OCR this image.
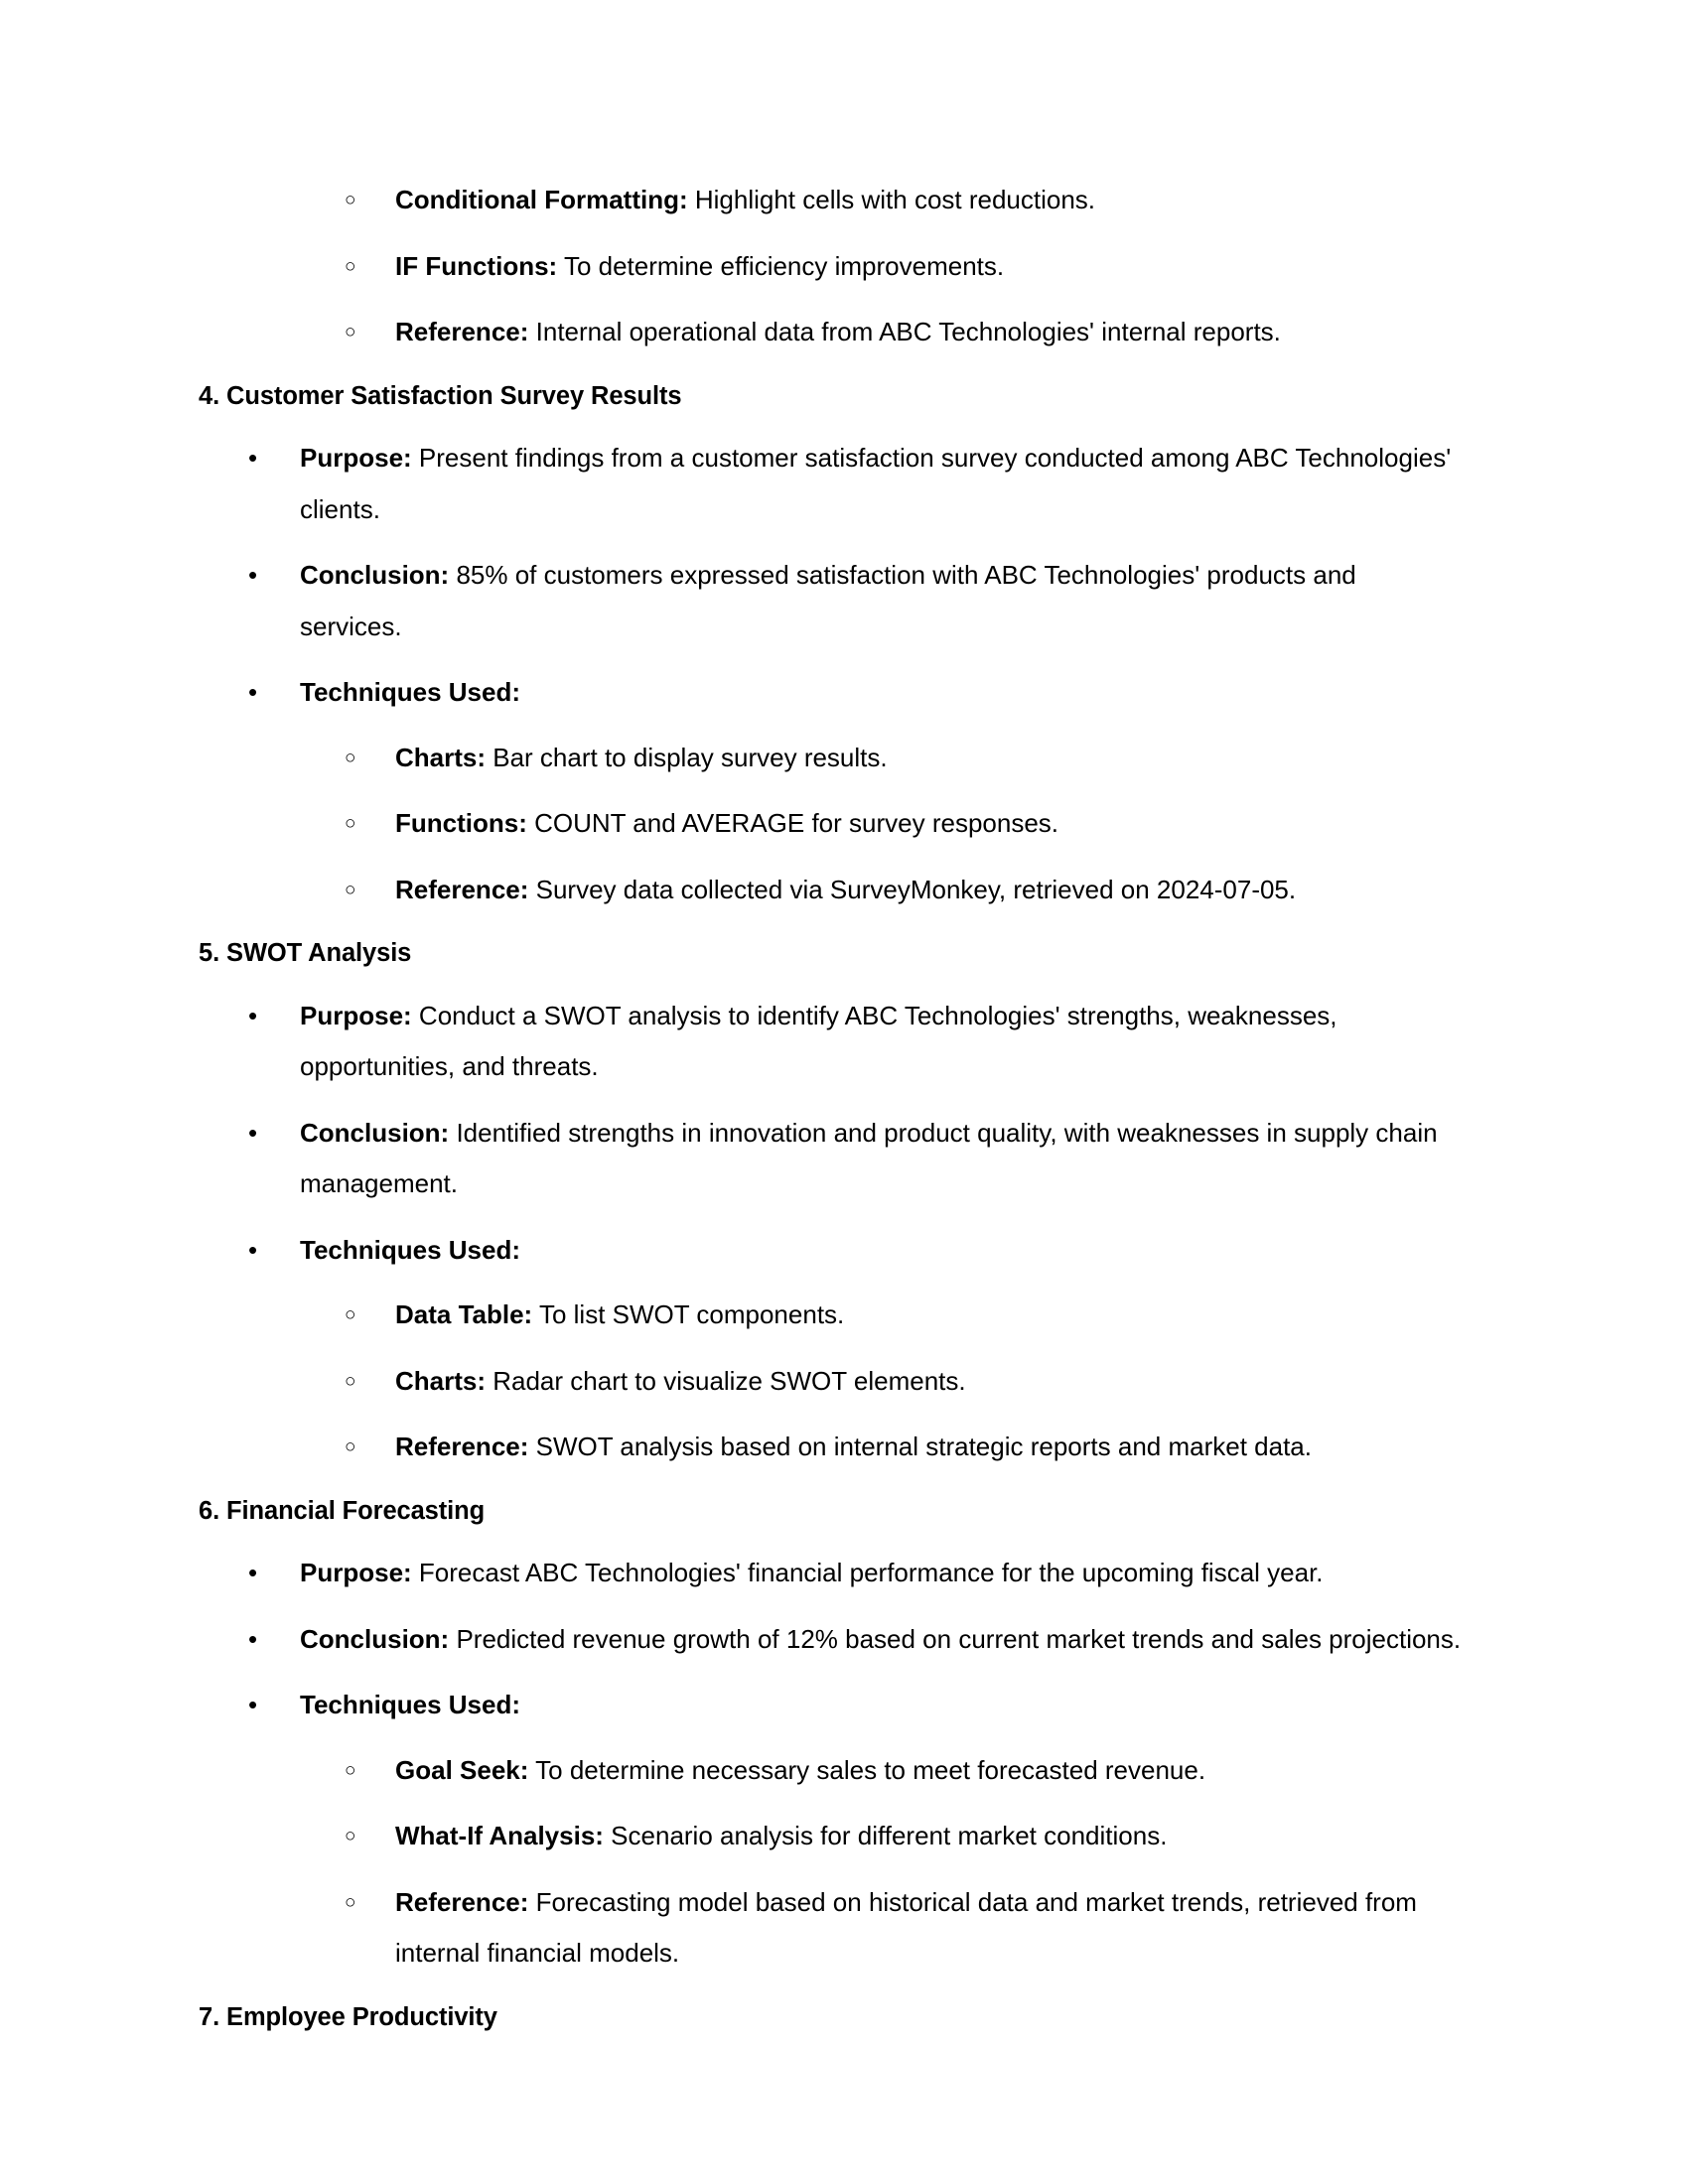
○	Conditional Formatting: Highlight cells with cost reductions.
○	IF Functions: To determine efficiency improvements.
○	Reference: Internal operational data from ABC Technologies' internal reports.
4. Customer Satisfaction Survey Results
•	Purpose: Present findings from a customer satisfaction survey conducted among ABC Technologies' clients.
•	Conclusion: 85% of customers expressed satisfaction with ABC Technologies' products and services.
•	Techniques Used:
○	Charts: Bar chart to display survey results.
○	Functions: COUNT and AVERAGE for survey responses.
○	Reference: Survey data collected via SurveyMonkey, retrieved on 2024-07-05.
5. SWOT Analysis
•	Purpose: Conduct a SWOT analysis to identify ABC Technologies' strengths, weaknesses, opportunities, and threats.
•	Conclusion: Identified strengths in innovation and product quality, with weaknesses in supply chain management.
•	Techniques Used:
○	Data Table: To list SWOT components.
○	Charts: Radar chart to visualize SWOT elements.
○	Reference: SWOT analysis based on internal strategic reports and market data.
6. Financial Forecasting
•	Purpose: Forecast ABC Technologies' financial performance for the upcoming fiscal year.
•	Conclusion: Predicted revenue growth of 12% based on current market trends and sales projections.
•	Techniques Used:
○	Goal Seek: To determine necessary sales to meet forecasted revenue.
○	What-If Analysis: Scenario analysis for different market conditions.
○	Reference: Forecasting model based on historical data and market trends, retrieved from internal financial models.
7. Employee Productivity
